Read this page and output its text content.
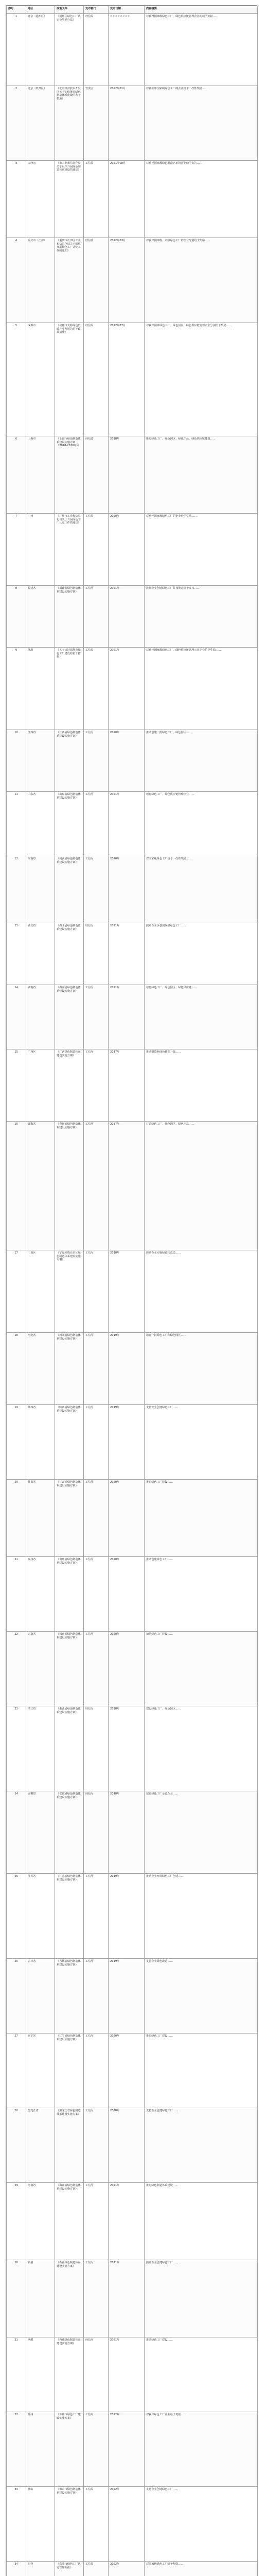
序号	地区	政策文件	发布部门	发布日期	内容摘要
1	北京（通州区）	《通州区绿色工厂认定及奖励办法》	经信局	########	对获得国家级绿色工厂、绿色供应链管理企业的给予奖励……
2	北京（经开区）	《北京经济技术开发区关于加快推进绿色制造体系建设的若干措施》	管委会	2022年01月	对新获评国家级绿色工厂的企业给予一次性奖励……
3	天津市	《市工业和信息化局关于组织开展绿色制造体系建设的通知》	工信局	2021年08月	对获评国家级绿色制造名单的企业给予支持……
4	重庆市（江津）	《重庆市江津区工业和信息化局关于组织开展绿色工厂认定工作的通知》	经信委	2022年03月	对获评国家级、市级绿色工厂的企业分别给予奖励……
5	成都市	《成都市支持绿色低碳产业发展的若干政策措施》	经信局	2022年07月	对获评国家绿色工厂、绿色园区、绿色供应链管理企业分别给予奖励……
6	上海市	《上海市绿色制造体系建设实施方案（2018-2020年）》	经信委	2018年	推进绿色工厂、绿色园区、绿色产品、绿色供应链建设……
7	广州	《广州市工业和信息化局关于开展绿色工厂认定工作的通知》	工信局	2020年	对获评国家级绿色工厂的企业给予奖励……
8	福建省	《福建省绿色制造体系建设实施方案》	工信厅	2021年	鼓励企业创建绿色工厂并按规定给予支持……
9	深圳	《关于支持深圳市绿色工厂建设的若干措施》	工信局	2021年	对获评国家级绿色工厂、绿色供应链管理示范企业给予奖励……
10	江西省	《江西省绿色制造体系建设实施方案》	工信厅	2020年	推动创建一批绿色工厂、绿色园区……
11	山东省	《山东省绿色制造体系建设实施方案》	工信厅	2021年	培育绿色工厂、绿色供应链管理企业……
12	河南省	《河南省绿色制造体系建设实施方案》	工信厅	2020年	对国家级绿色工厂给予一次性奖励……
13	湖北省	《湖北省绿色制造体系建设实施方案》	经信厅	2021年	鼓励企业争创国家级绿色工厂……
14	湖南省	《湖南省绿色制造体系建设实施方案》	工信厅	2021年	培育绿色工厂、绿色园区、绿色供应链……
15	广西区	《广西绿色制造体系建设实施方案》	工信厅	2017年	推动制造业绿色转型升级……
16	青海省	《青海省绿色制造体系建设实施方案》	工信厅	2017年	打造绿色工厂、绿色园区、绿色产品……
17	宁夏区	《宁夏回族自治区绿色制造体系建设实施方案》	工信厅	2018年	鼓励企业实施绿色化改造……
18	河北省	《河北省绿色制造体系建设实施方案》	工信厅	2019年	培育一批绿色工厂和绿色园区……
19	陕西省	《陕西省绿色制造体系建设实施方案》	工信厅	2019年	支持企业创建绿色工厂……
20	甘肃省	《甘肃省绿色制造体系建设实施方案》	工信厅	2020年	推进绿色工厂建设……
21	贵州省	《贵州省绿色制造体系建设实施方案》	工信厅	2020年	推动创建绿色工厂……
22	云南省	《云南省绿色制造体系建设实施方案》	工信厅	2020年	加快绿色工厂建设……
23	浙江省	《浙江省绿色制造体系建设实施方案》	经信厅	2018年	建设绿色工厂、绿色园区……
24	安徽省	《安徽省绿色制造体系建设实施方案》	经信厅	2018年	培育绿色工厂示范企业……
25	江苏省	《江苏省绿色制造体系建设实施方案》	工信厅	2019年	推动企业开展绿色工厂创建……
26	吉林省	《吉林省绿色制造体系建设实施方案》	工信厅	2019年	支持企业绿色改造……
27	辽宁省	《辽宁省绿色制造体系建设实施方案》	工信厅	2020年	推进绿色工厂建设……
28	黑龙江省	《黑龙江省绿色制造体系建设实施方案》	工信厅	2020年	支持企业创建绿色工厂……
29	海南省	《海南省绿色制造体系建设实施方案》	工信厅	2021年	推进绿色制造体系建设……
30	新疆	《新疆绿色制造体系建设实施方案》	工信厅	2021年	鼓励企业创建绿色工厂……
31	西藏	《西藏绿色制造体系建设实施方案》	经信厅	2021年	推动绿色工厂建设……
32	苏州	《苏州市绿色工厂建设实施方案》	工信局	2022年	对获评绿色工厂企业给予奖励……
33	佛山	《佛山市绿色制造体系建设实施方案》	工信局	2022年	支持企业创建绿色工厂……
34	东莞	《东莞市绿色工厂认定管理办法》	工信局	2022年	对国家级绿色工厂给予奖励……
